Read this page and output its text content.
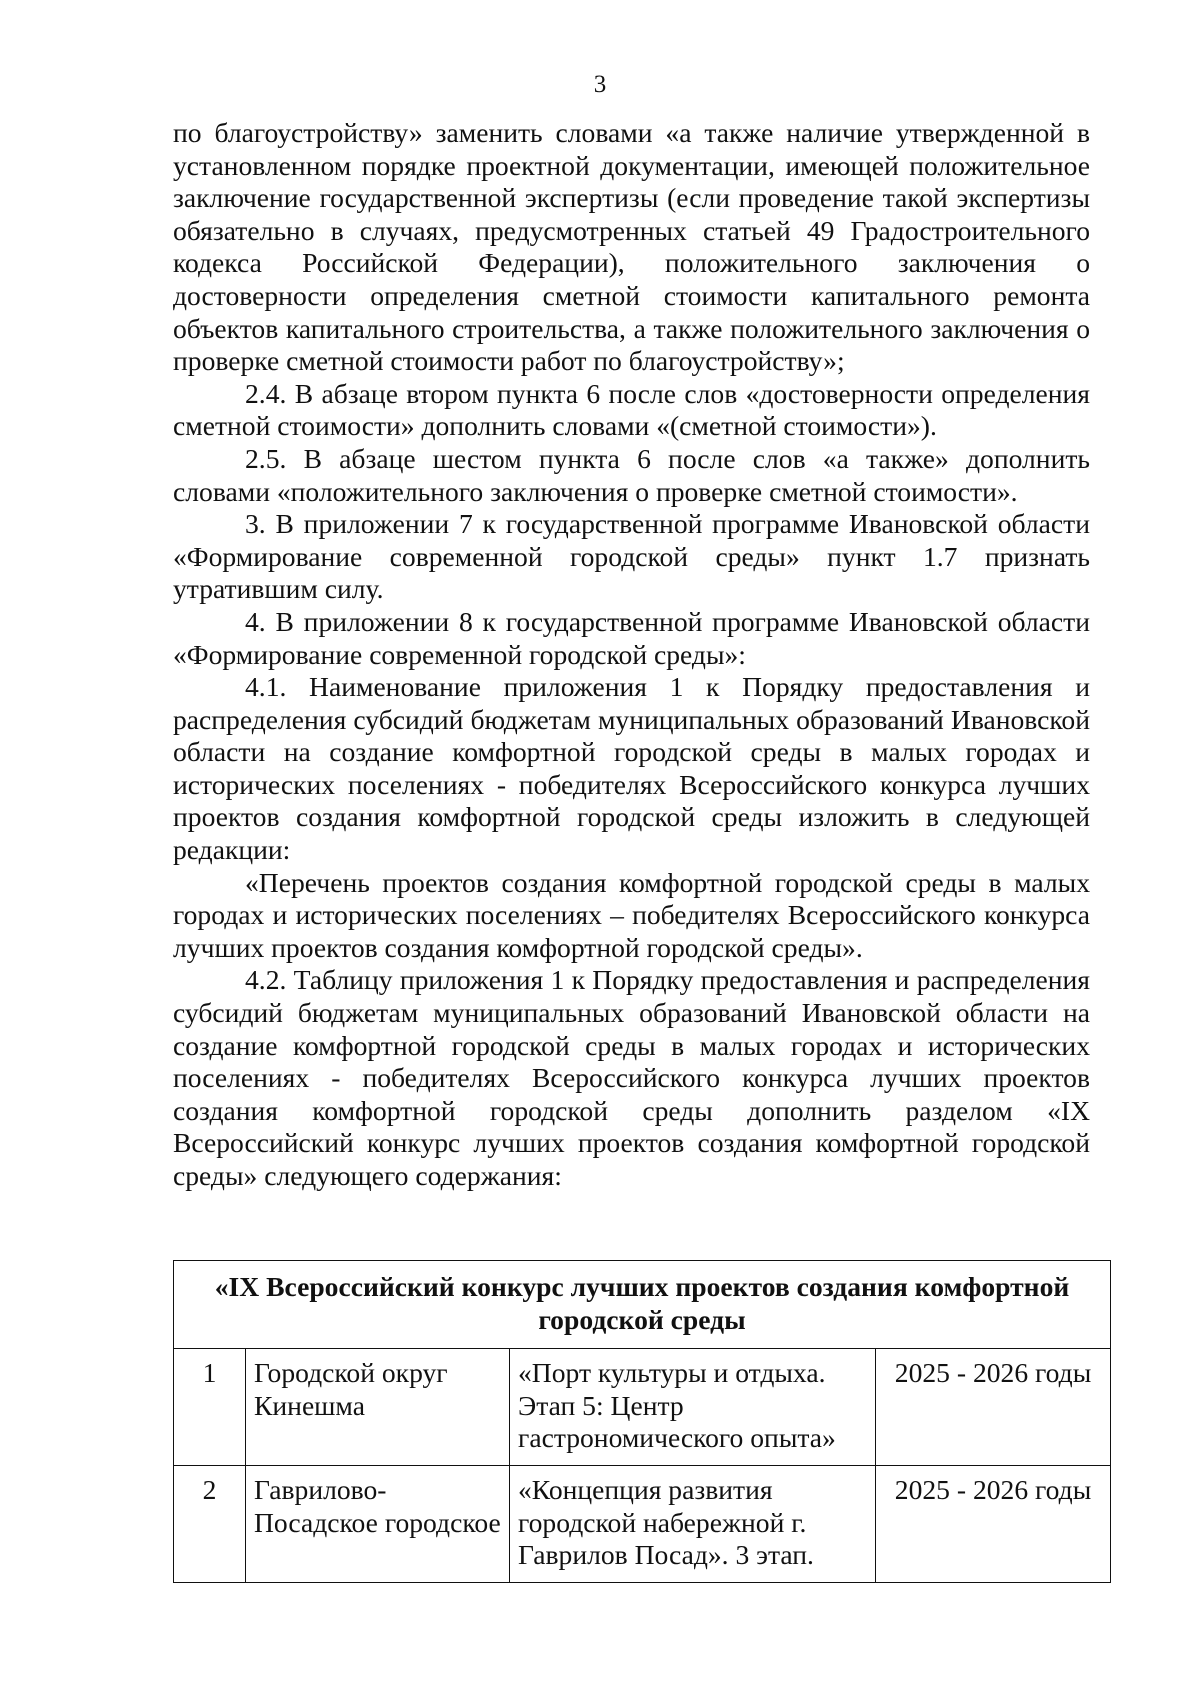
3

по благоустройству» заменить словами «а также наличие утвержденной в установленном порядке проектной документации, имеющей положительное заключение государственной экспертизы (если проведение такой экспертизы обязательно в случаях, предусмотренных статьей 49 Градостроительного кодекса Российской Федерации), положительного заключения о достоверности определения сметной стоимости капитального ремонта объектов капитального строительства, а также положительного заключения о проверке сметной стоимости работ по благоустройству»;

2.4. В абзаце втором пункта 6 после слов «достоверности определения сметной стоимости» дополнить словами «(сметной стоимости»).

2.5. В абзаце шестом пункта 6 после слов «а также» дополнить словами «положительного заключения о проверке сметной стоимости».

3. В приложении 7 к государственной программе Ивановской области «Формирование современной городской среды» пункт 1.7 признать утратившим силу.

4. В приложении 8 к государственной программе Ивановской области «Формирование современной городской среды»:

4.1. Наименование приложения 1 к Порядку предоставления и распределения субсидий бюджетам муниципальных образований Ивановской области на создание комфортной городской среды в малых городах и исторических поселениях - победителях Всероссийского конкурса лучших проектов создания комфортной городской среды изложить в следующей редакции:

«Перечень проектов создания комфортной городской среды в малых городах и исторических поселениях – победителях Всероссийского конкурса лучших проектов создания комфортной городской среды».

4.2. Таблицу приложения 1 к Порядку предоставления и распределения субсидий бюджетам муниципальных образований Ивановской области на создание комфортной городской среды в малых городах и исторических поселениях - победителях Всероссийского конкурса лучших проектов создания комфортной городской среды дополнить разделом «IX Всероссийский конкурс лучших проектов создания комфортной городской среды» следующего содержания:

«IX Всероссийский конкурс лучших проектов создания комфортной городской среды			
1	Городской округ Кинешма	«Порт культуры и отдыха. Этап 5: Центр гастрономического опыта»	2025 - 2026 годы
2	Гаврилово-Посадское городское	«Концепция развития городской набережной г. Гаврилов Посад». 3 этап.	2025 - 2026 годы
